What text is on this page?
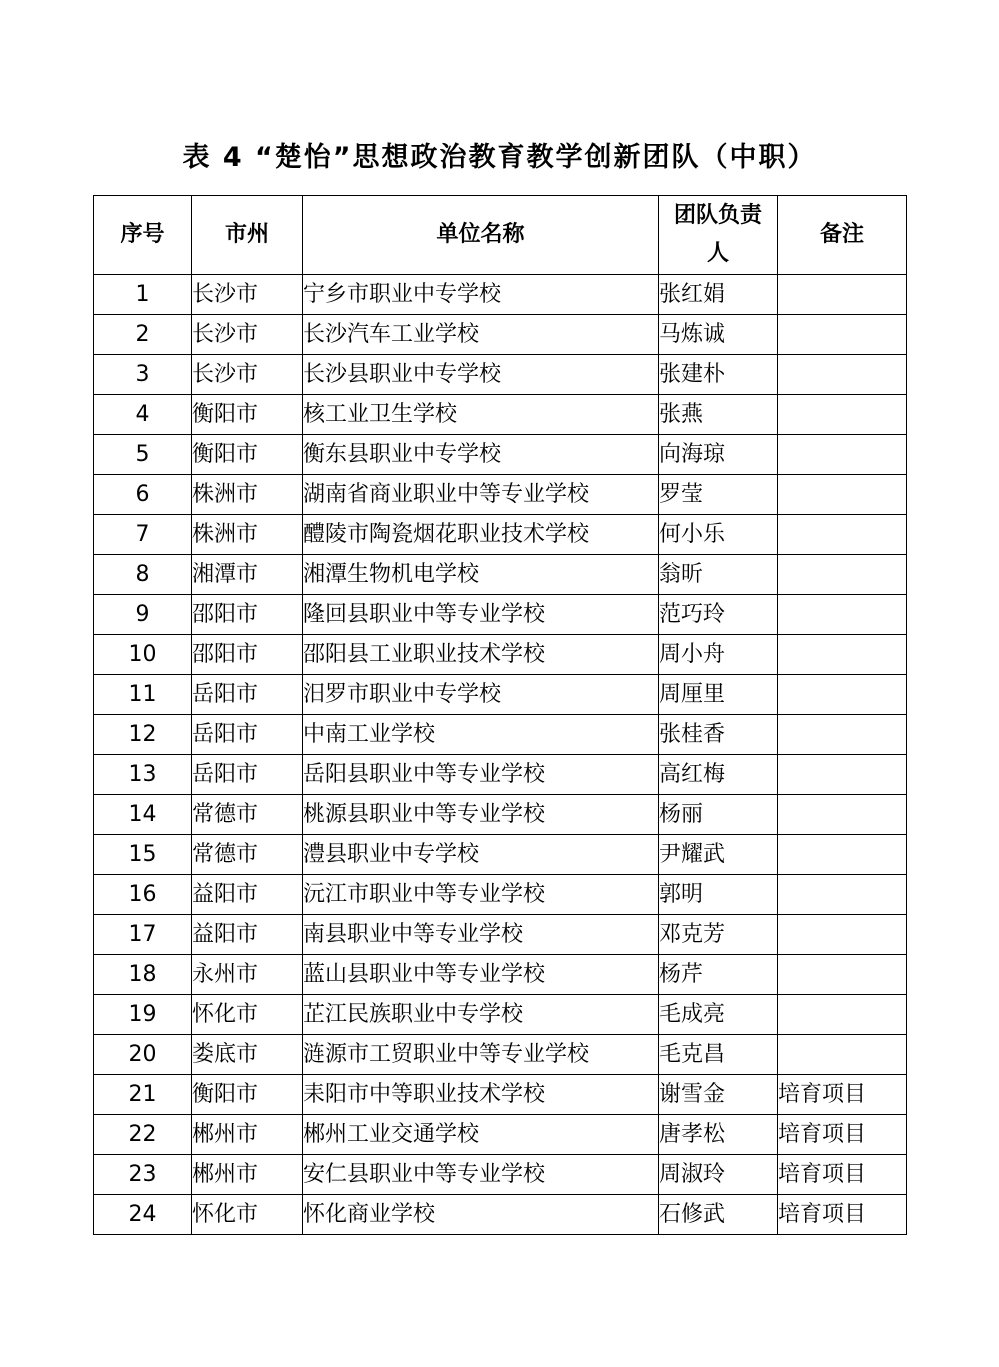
表 4 “楚怡”思想政治教育教学创新团队（中职）
序号	市州	单位名称	团队负责人	备注
1	长沙市	宁乡市职业中专学校	张红娟	
2	长沙市	长沙汽车工业学校	马炼诚	
3	长沙市	长沙县职业中专学校	张建朴	
4	衡阳市	核工业卫生学校	张燕	
5	衡阳市	衡东县职业中专学校	向海琼	
6	株洲市	湖南省商业职业中等专业学校	罗莹	
7	株洲市	醴陵市陶瓷烟花职业技术学校	何小乐	
8	湘潭市	湘潭生物机电学校	翁昕	
9	邵阳市	隆回县职业中等专业学校	范巧玲	
10	邵阳市	邵阳县工业职业技术学校	周小舟	
11	岳阳市	汨罗市职业中专学校	周厘里	
12	岳阳市	中南工业学校	张桂香	
13	岳阳市	岳阳县职业中等专业学校	高红梅	
14	常德市	桃源县职业中等专业学校	杨丽	
15	常德市	澧县职业中专学校	尹耀武	
16	益阳市	沅江市职业中等专业学校	郭明	
17	益阳市	南县职业中等专业学校	邓克芳	
18	永州市	蓝山县职业中等专业学校	杨芹	
19	怀化市	芷江民族职业中专学校	毛成亮	
20	娄底市	涟源市工贸职业中等专业学校	毛克昌	
21	衡阳市	耒阳市中等职业技术学校	谢雪金	培育项目
22	郴州市	郴州工业交通学校	唐孝松	培育项目
23	郴州市	安仁县职业中等专业学校	周淑玲	培育项目
24	怀化市	怀化商业学校	石修武	培育项目
